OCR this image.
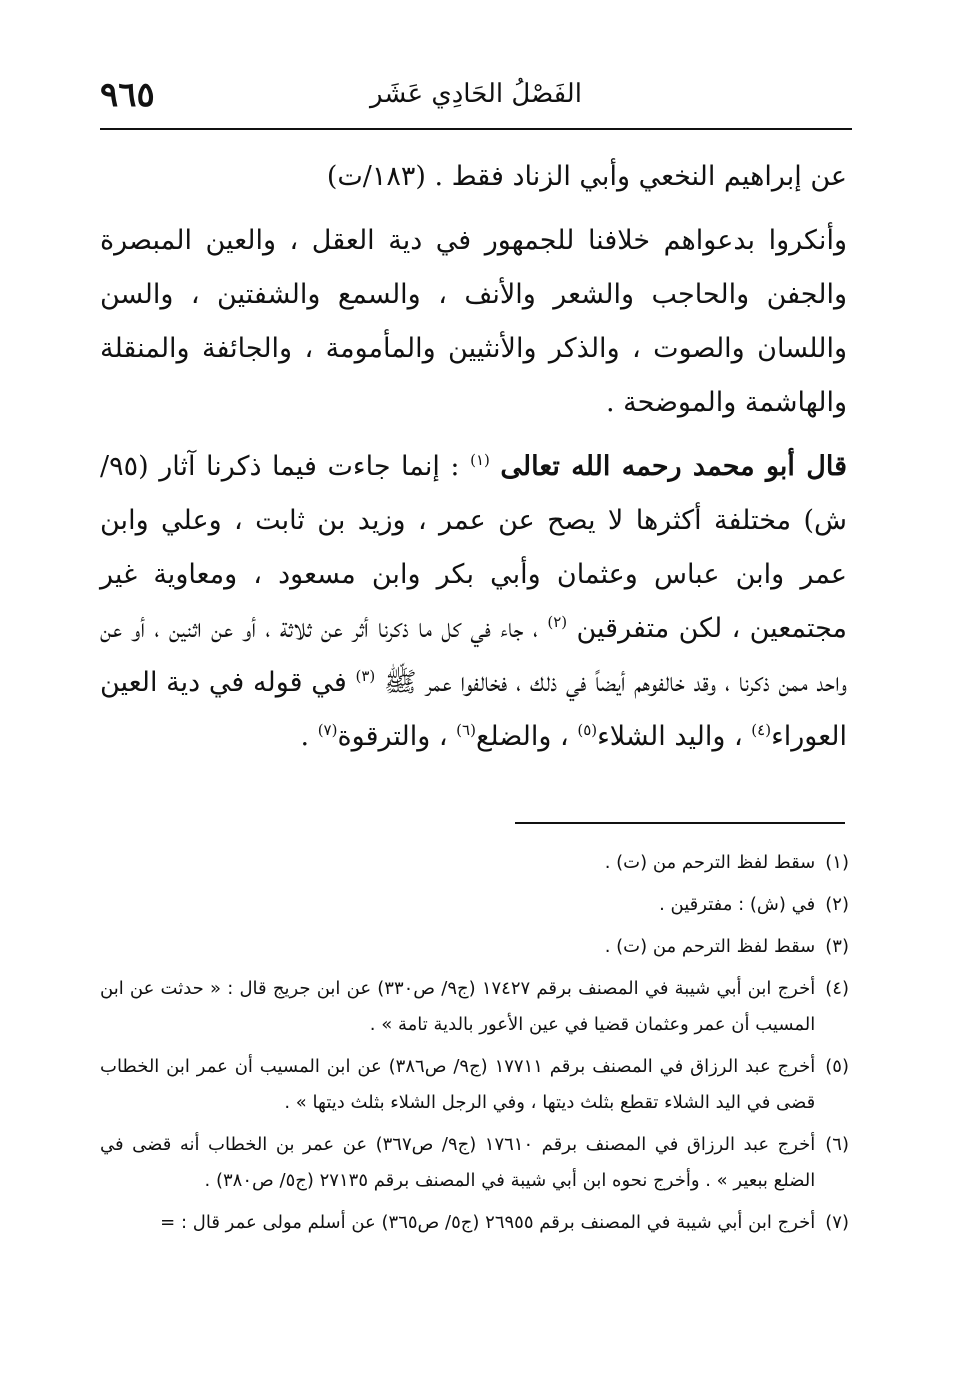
٩٦٥	الفَصْلُ الحَادِي عَشَر

عن إبراهيم النخعي وأبي الزناد فقط . (١٨٣/ت)

وأنكروا بدعواهم خلافنا للجمهور في دية العقل ، والعين المبصرة والجفن والحاجب والشعر والأنف ، والسمع والشفتين ، والسن واللسان والصوت ، والذكر والأنثيين والمأمومة ، والجائفة والمنقلة والهاشمة والموضحة .

قال أبو محمد رحمه الله تعالى $^{(١)}$ : إنما جاءت فيما ذكرنا آثار (٩٥/ ش) مختلفة أكثرها لا يصح عن عمر ، وزيد بن ثابت ، وعلي وابن عمر وابن عباس وعثمان وأبي بكر وابن مسعود ، ومعاوية غير مجتمعين ، لكن متفرقين $^{(٢)}$ ، جاء في كل ما ذكرنا أثر عن ثلاثة ، أو عن اثنين ، أو عن واحد ممن ذكرنا ، وقد خالفوهم أيضاً في ذلك ، فخالفوا عمر ﷺ $^{(٣)}$ في قوله في دية العين العوراء$^{(٤)}$ ، واليد الشلاء$^{(٥)}$ ، والضلع$^{(٦)}$ ، والترقوة$^{(٧)}$ .

(١)
سقط لفظ الترحم من (ت) .
(٢)
في (ش) : مفترقين .
(٣)
سقط لفظ الترحم من (ت) .
(٤)
أخرج ابن أبي شيبة في المصنف برقم ١٧٤٢٧ (ج٩/ ص٣٣٠) عن ابن جريج قال : « حدثت عن ابن المسيب أن عمر وعثمان قضيا في عين الأعور بالدية تامة » .
(٥)
أخرج عبد الرزاق في المصنف برقم ١٧٧١١ (ج٩/ ص٣٨٦) عن ابن المسيب أن عمر ابن الخطاب قضى في اليد الشلاء تقطع بثلث ديتها ، وفي الرجل الشلاء بثلث ديتها » .
(٦)
أخرج عبد الرزاق في المصنف برقم ١٧٦١٠ (ج٩/ ص٣٦٧) عن عمر بن الخطاب أنه قضى في الضلع ببعير » . وأخرج نحوه ابن أبي شيبة في المصنف برقم ٢٧١٣٥ (ج٥/ ص٣٨٠) .
(٧)
أخرج ابن أبي شيبة في المصنف برقم ٢٦٩٥٥ (ج٥/ ص٣٦٥) عن أسلم مولى عمر قال : =
